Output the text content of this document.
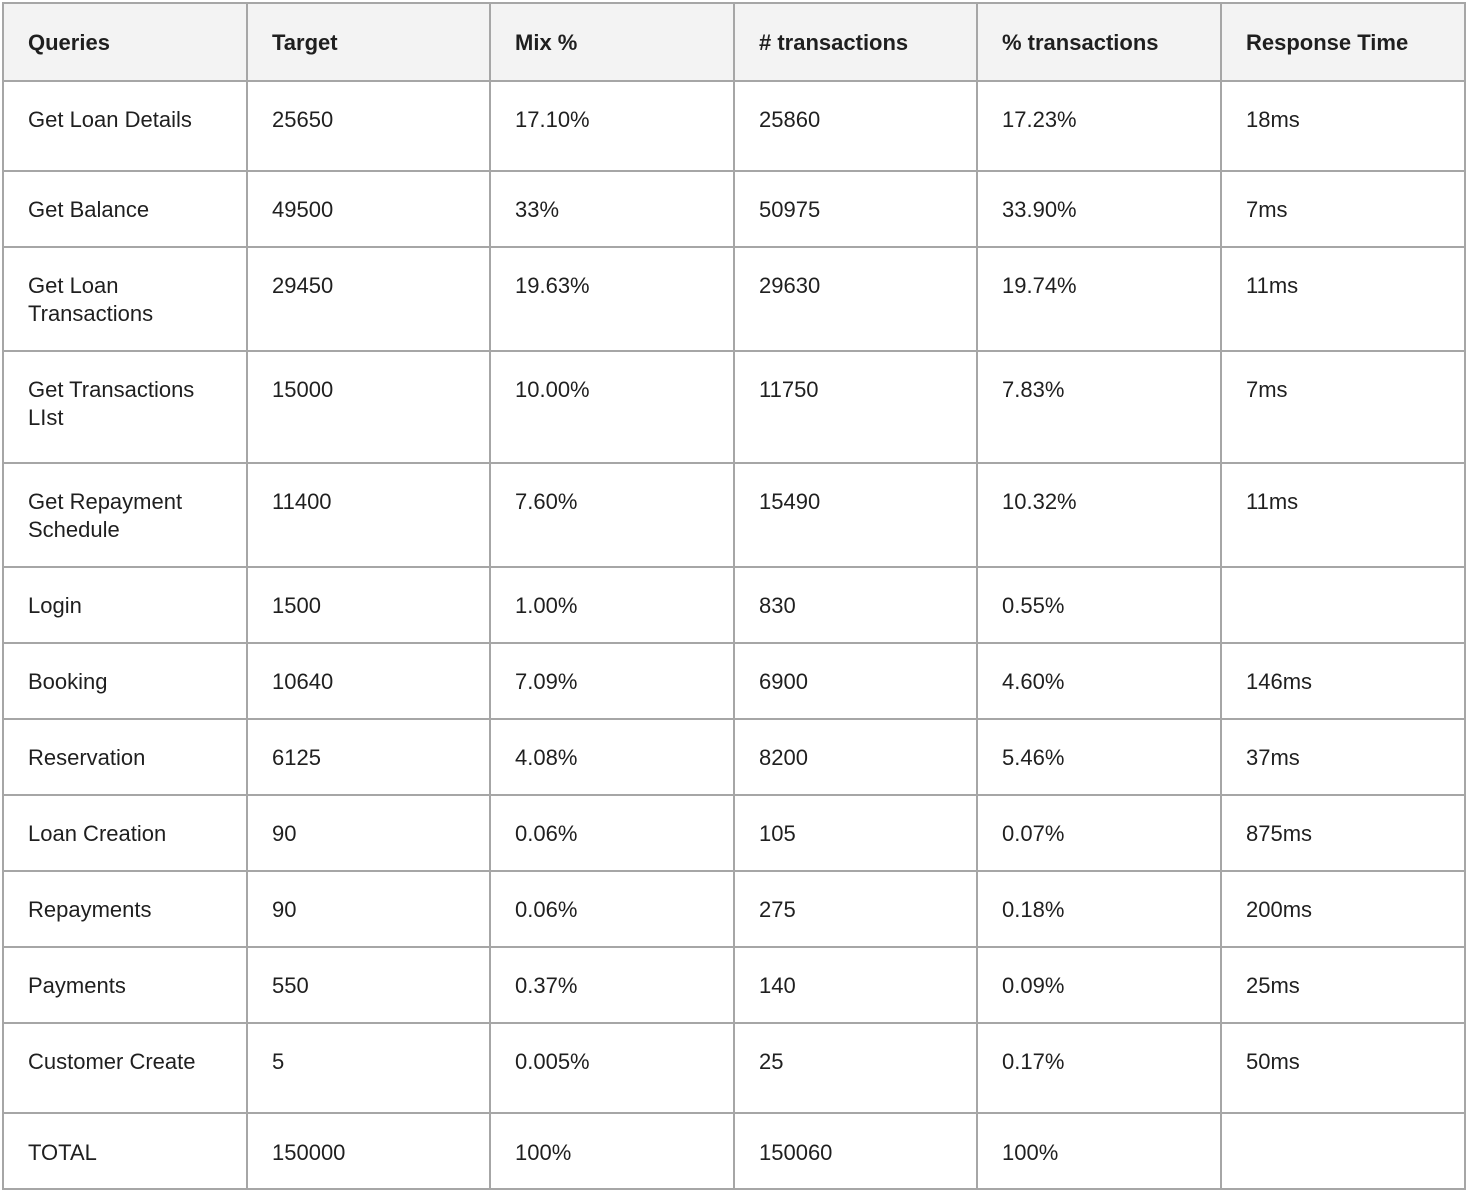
Queries	Target	Mix %	# transactions	% transactions	Response Time
Get Loan Details	25650	17.10%	25860	17.23%	18ms
Get Balance	49500	33%	50975	33.90%	7ms
Get Loan Transactions	29450	19.63%	29630	19.74%	11ms
Get Transactions LIst	15000	10.00%	11750	7.83%	7ms
Get Repayment Schedule	11400	7.60%	15490	10.32%	11ms
Login	1500	1.00%	830	0.55%	
Booking	10640	7.09%	6900	4.60%	146ms
Reservation	6125	4.08%	8200	5.46%	37ms
Loan Creation	90	0.06%	105	0.07%	875ms
Repayments	90	0.06%	275	0.18%	200ms
Payments	550	0.37%	140	0.09%	25ms
Customer Create	5	0.005%	25	0.17%	50ms
TOTAL	150000	100%	150060	100%	
